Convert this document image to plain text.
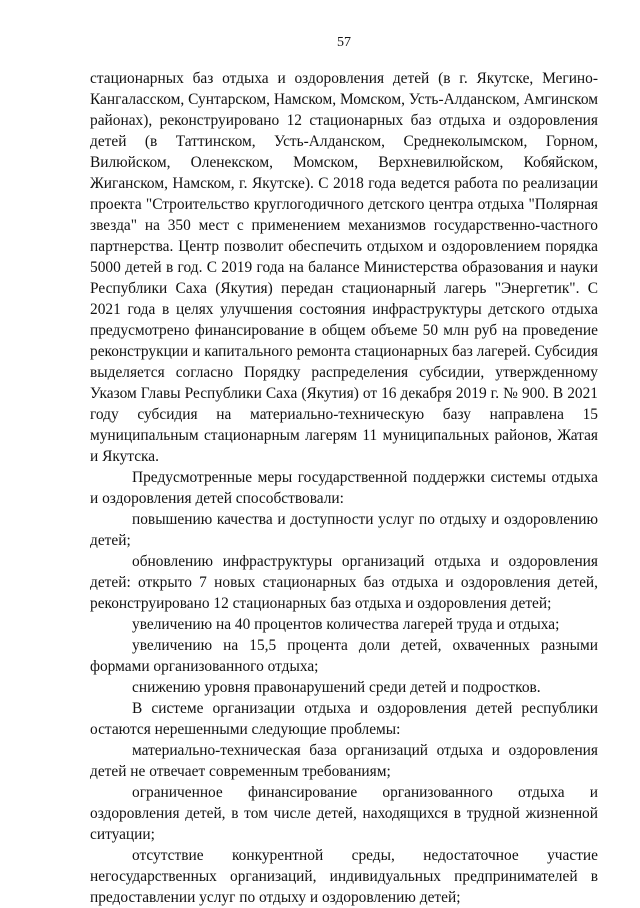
57

стационарных баз отдыха и оздоровления детей (в г. Якутске, Мегино-Кангаласском, Сунтарском, Намском, Момском, Усть-Алданском, Амгинском районах), реконструировано 12 стационарных баз отдыха и оздоровления детей (в Таттинском, Усть-Алданском, Среднеколымском, Горном, Вилюйском, Оленекском, Момском, Верхневилюйском, Кобяйском, Жиганском, Намском, г. Якутске). С 2018 года ведется работа по реализации проекта "Строительство круглогодичного детского центра отдыха "Полярная звезда" на 350 мест с применением механизмов государственно-частного партнерства. Центр позволит обеспечить отдыхом и оздоровлением порядка 5000 детей в год. С 2019 года на балансе Министерства образования и науки Республики Саха (Якутия) передан стационарный лагерь "Энергетик". С 2021 года в целях улучшения состояния инфраструктуры детского отдыха предусмотрено финансирование в общем объеме 50 млн руб на проведение реконструкции и капитального ремонта стационарных баз лагерей. Субсидия выделяется согласно Порядку распределения субсидии, утвержденному Указом Главы Республики Саха (Якутия) от 16 декабря 2019 г. № 900. В 2021 году субсидия на материально-техническую базу направлена 15 муниципальным стационарным лагерям 11 муниципальных районов, Жатая и Якутска.

Предусмотренные меры государственной поддержки системы отдыха и оздоровления детей способствовали:

повышению качества и доступности услуг по отдыху и оздоровлению детей;

обновлению инфраструктуры организаций отдыха и оздоровления детей: открыто 7 новых стационарных баз отдыха и оздоровления детей, реконструировано 12 стационарных баз отдыха и оздоровления детей;

увеличению на 40 процентов количества лагерей труда и отдыха;

увеличению на 15,5 процента доли детей, охваченных разными формами организованного отдыха;

снижению уровня правонарушений среди детей и подростков.

В системе организации отдыха и оздоровления детей республики остаются нерешенными следующие проблемы:

материально-техническая база организаций отдыха и оздоровления детей не отвечает современным требованиям;

ограниченное финансирование организованного отдыха и оздоровления детей, в том числе детей, находящихся в трудной жизненной ситуации;

отсутствие конкурентной среды, недостаточное участие негосударственных организаций, индивидуальных предпринимателей в предоставлении услуг по отдыху и оздоровлению детей;
